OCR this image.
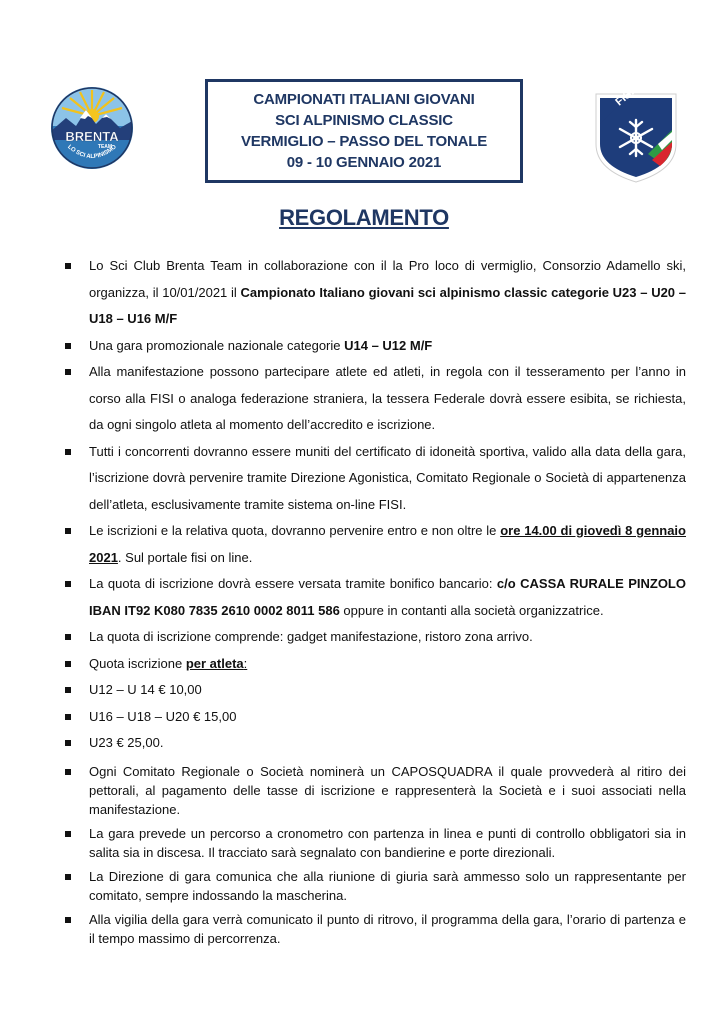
BRENTA
TEAM
LO SCI ALPINISMO
CAMPIONATI ITALIANI GIOVANI
SCI ALPINISMO CLASSIC
VERMIGLIO – PASSO DEL TONALE
09 - 10 GENNAIO 2021
FISI
REGOLAMENTO
Lo Sci Club Brenta Team in collaborazione con il la Pro loco di vermiglio, Consorzio Adamello ski, organizza, il 10/01/2021 il Campionato Italiano giovani sci alpinismo classic categorie U23 – U20 – U18 – U16 M/F
Una gara promozionale nazionale categorie U14 – U12 M/F
Alla manifestazione possono partecipare atlete ed atleti, in regola con il tesseramento per l’anno in corso alla FISI o analoga federazione straniera, la tessera Federale dovrà essere esibita, se richiesta, da ogni singolo atleta al momento dell’accredito e iscrizione.
Tutti i concorrenti dovranno essere muniti del certificato di idoneità sportiva, valido alla data della gara, l’iscrizione dovrà pervenire tramite Direzione Agonistica, Comitato Regionale o Società di appartenenza dell’atleta, esclusivamente tramite sistema on-line FISI.
Le iscrizioni e la relativa quota, dovranno pervenire entro e non oltre le ore 14.00 di giovedì 8 gennaio 2021. Sul portale fisi on line.
La quota di iscrizione dovrà essere versata tramite bonifico bancario: c/o CASSA RURALE PINZOLO IBAN IT92 K080 7835 2610 0002 8011 586 oppure in contanti alla società organizzatrice.
La quota di iscrizione comprende: gadget manifestazione, ristoro zona arrivo.
Quota iscrizione per atleta:
U12 – U 14 € 10,00
U16 – U18 – U20 € 15,00
U23 € 25,00.
Ogni Comitato Regionale o Società nominerà un CAPOSQUADRA il quale provvederà al ritiro dei pettorali, al pagamento delle tasse di iscrizione e rappresenterà la Società e i suoi associati nella manifestazione.
La gara prevede un percorso a cronometro con partenza in linea e punti di controllo obbligatori sia in salita sia in discesa. Il tracciato sarà segnalato con bandierine e porte direzionali.
La Direzione di gara comunica che alla riunione di giuria sarà ammesso solo un rappresentante per comitato, sempre indossando la mascherina.
Alla vigilia della gara verrà comunicato il punto di ritrovo, il programma della gara, l’orario di partenza e il tempo massimo di percorrenza.
